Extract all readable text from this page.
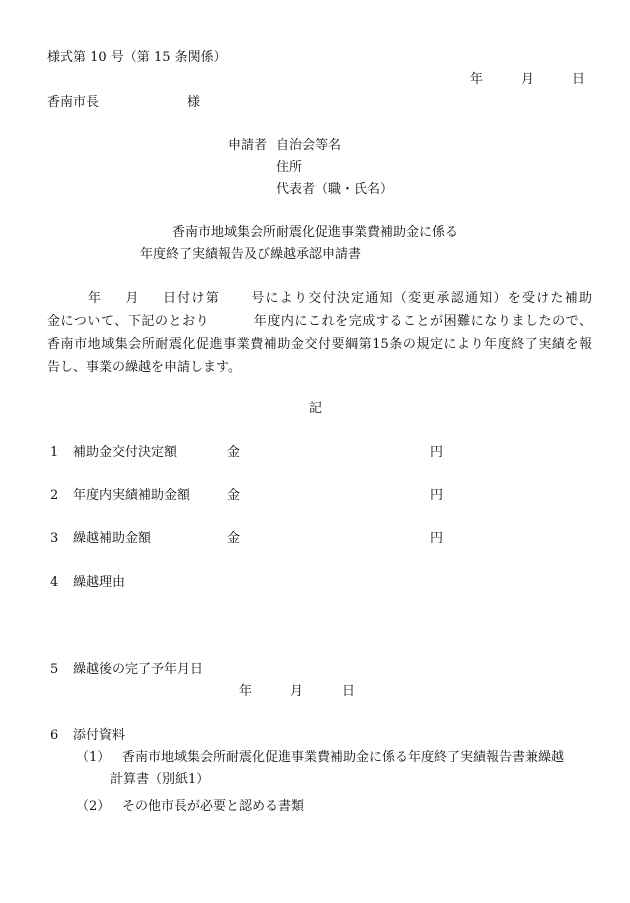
様式第 10 号（第 15 条関係）
年	月	日
香南市長	様
申請者 自治会等名
住所
代表者（職・氏名）
香南市地域集会所耐震化促進事業費補助金に係る
年度終了実績報告及び繰越承認申請書
年 月 日付け第 号により交付決定通知（変更承認通知）を受けた補助
金について、下記のとおり	年度内にこれを完成することが困難になりましたので、
香南市地域集会所耐震化促進事業費補助金交付要綱第15条の規定により年度終了実績を報
告し、事業の繰越を申請します。
記
1 補助金交付決定額	金	円
2 年度内実績補助金額	金	円
3 繰越補助金額	金	円
4 繰越理由
5 繰越後の完了予年月日
年	月	日
6 添付資料
（1） 香南市地域集会所耐震化促進事業費補助金に係る年度終了実績報告書兼繰越
計算書（別紙1）
（2） その他市長が必要と認める書類
